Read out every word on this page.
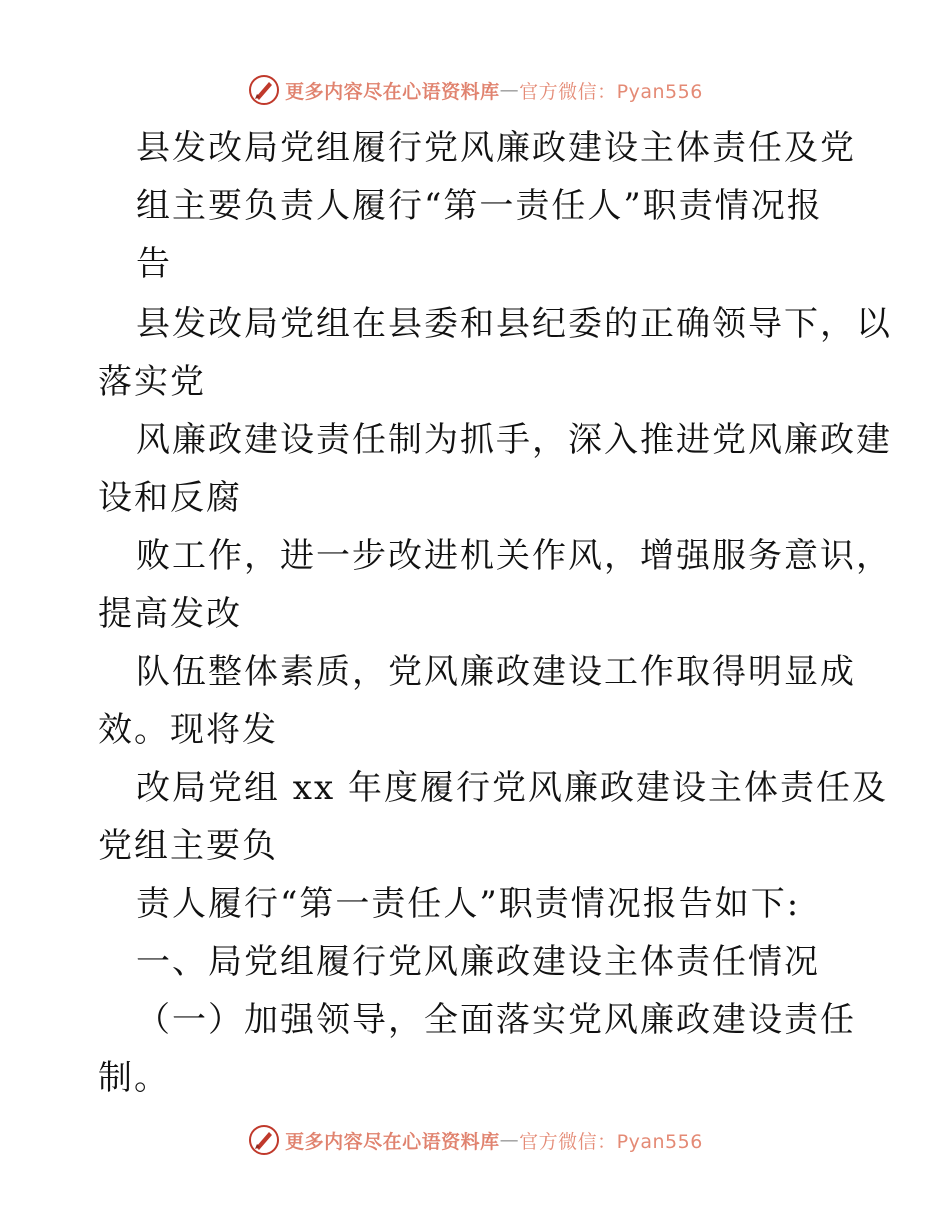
更多内容尽在心语资料库 — 官方微信：Pyan556
县发改局党组履行党风廉政建设主体责任及党
组主要负责人履行“第一责任人”职责情况报
告
县发改局党组在县委和县纪委的正确领导下，以
落实党
风廉政建设责任制为抓手，深入推进党风廉政建
设和反腐
败工作，进一步改进机关作风，增强服务意识，
提高发改
队伍整体素质，党风廉政建设工作取得明显成
效。现将发
改局党组 xx 年度履行党风廉政建设主体责任及
党组主要负
责人履行“第一责任人”职责情况报告如下:
一、局党组履行党风廉政建设主体责任情况
（一）加强领导，全面落实党风廉政建设责任
制。
更多内容尽在心语资料库 — 官方微信：Pyan556
